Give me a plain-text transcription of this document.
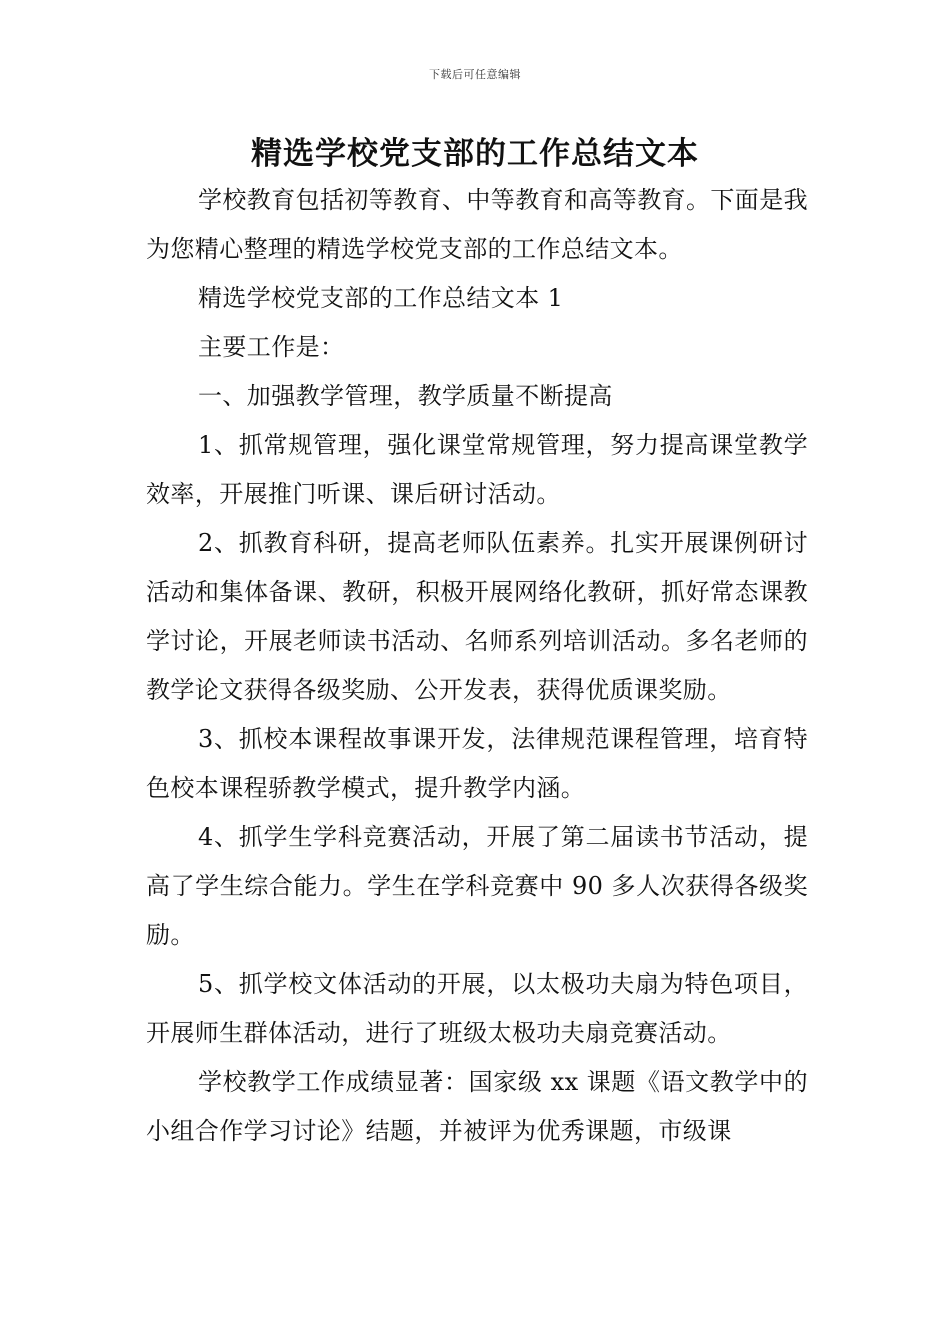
下载后可任意编辑
精选学校党支部的工作总结文本

学校教育包括初等教育、中等教育和高等教育。下面是我为您精心整理的精选学校党支部的工作总结文本。

精选学校党支部的工作总结文本 1

主要工作是：

一、加强教学管理，教学质量不断提高

1、抓常规管理，强化课堂常规管理，努力提高课堂教学效率，开展推门听课、课后研讨活动。

2、抓教育科研，提高老师队伍素养。扎实开展课例研讨活动和集体备课、教研，积极开展网络化教研，抓好常态课教学讨论，开展老师读书活动、名师系列培训活动。多名老师的教学论文获得各级奖励、公开发表，获得优质课奖励。

3、抓校本课程故事课开发，法律规范课程管理，培育特色校本课程骄教学模式，提升教学内涵。

4、抓学生学科竞赛活动，开展了第二届读书节活动，提高了学生综合能力。学生在学科竞赛中 90 多人次获得各级奖励。

5、抓学校文体活动的开展，以太极功夫扇为特色项目，开展师生群体活动，进行了班级太极功夫扇竞赛活动。

学校教学工作成绩显著：国家级 xx 课题《语文教学中的小组合作学习讨论》结题，并被评为优秀课题，市级课
